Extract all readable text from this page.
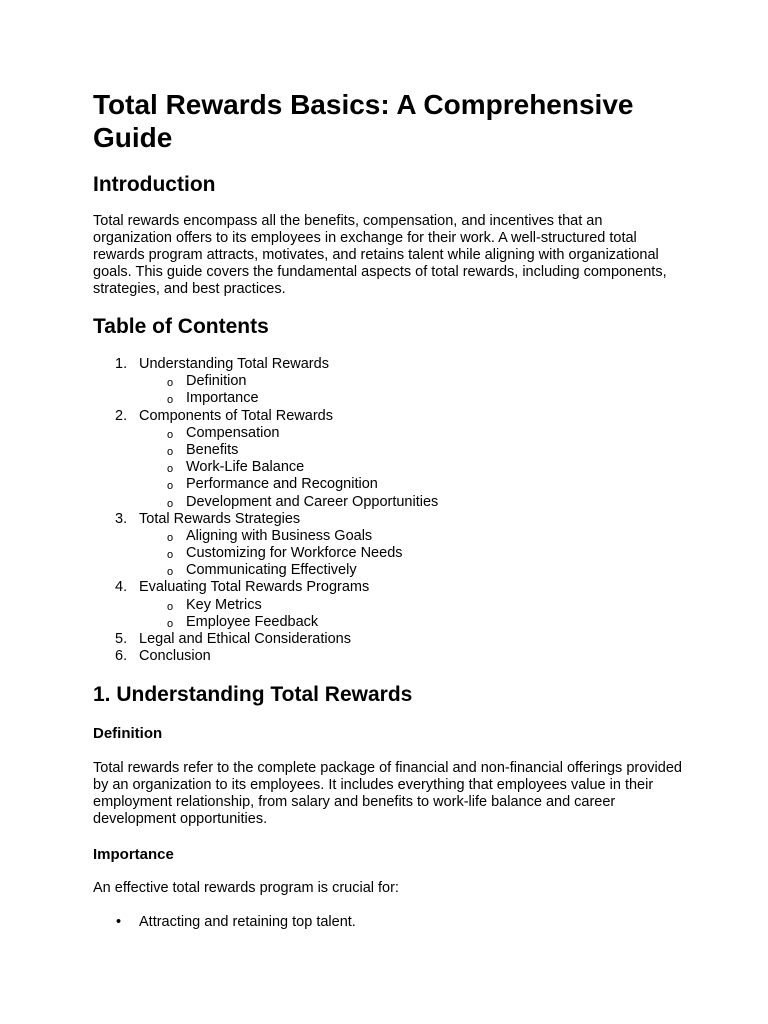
Total Rewards Basics: A Comprehensive Guide
Introduction

Total rewards encompass all the benefits, compensation, and incentives that an organization offers to its employees in exchange for their work. A well-structured total rewards program attracts, motivates, and retains talent while aligning with organizational goals. This guide covers the fundamental aspects of total rewards, including components, strategies, and best practices.

Table of Contents
1. Understanding Total Rewards
o Definition
o Importance
2. Components of Total Rewards
o Compensation
o Benefits
o Work-Life Balance
o Performance and Recognition
o Development and Career Opportunities
3. Total Rewards Strategies
o Aligning with Business Goals
o Customizing for Workforce Needs
o Communicating Effectively
4. Evaluating Total Rewards Programs
o Key Metrics
o Employee Feedback
5. Legal and Ethical Considerations
6. Conclusion
1. Understanding Total Rewards
Definition

Total rewards refer to the complete package of financial and non-financial offerings provided by an organization to its employees. It includes everything that employees value in their employment relationship, from salary and benefits to work-life balance and career development opportunities.

Importance

An effective total rewards program is crucial for:

• Attracting and retaining top talent.
